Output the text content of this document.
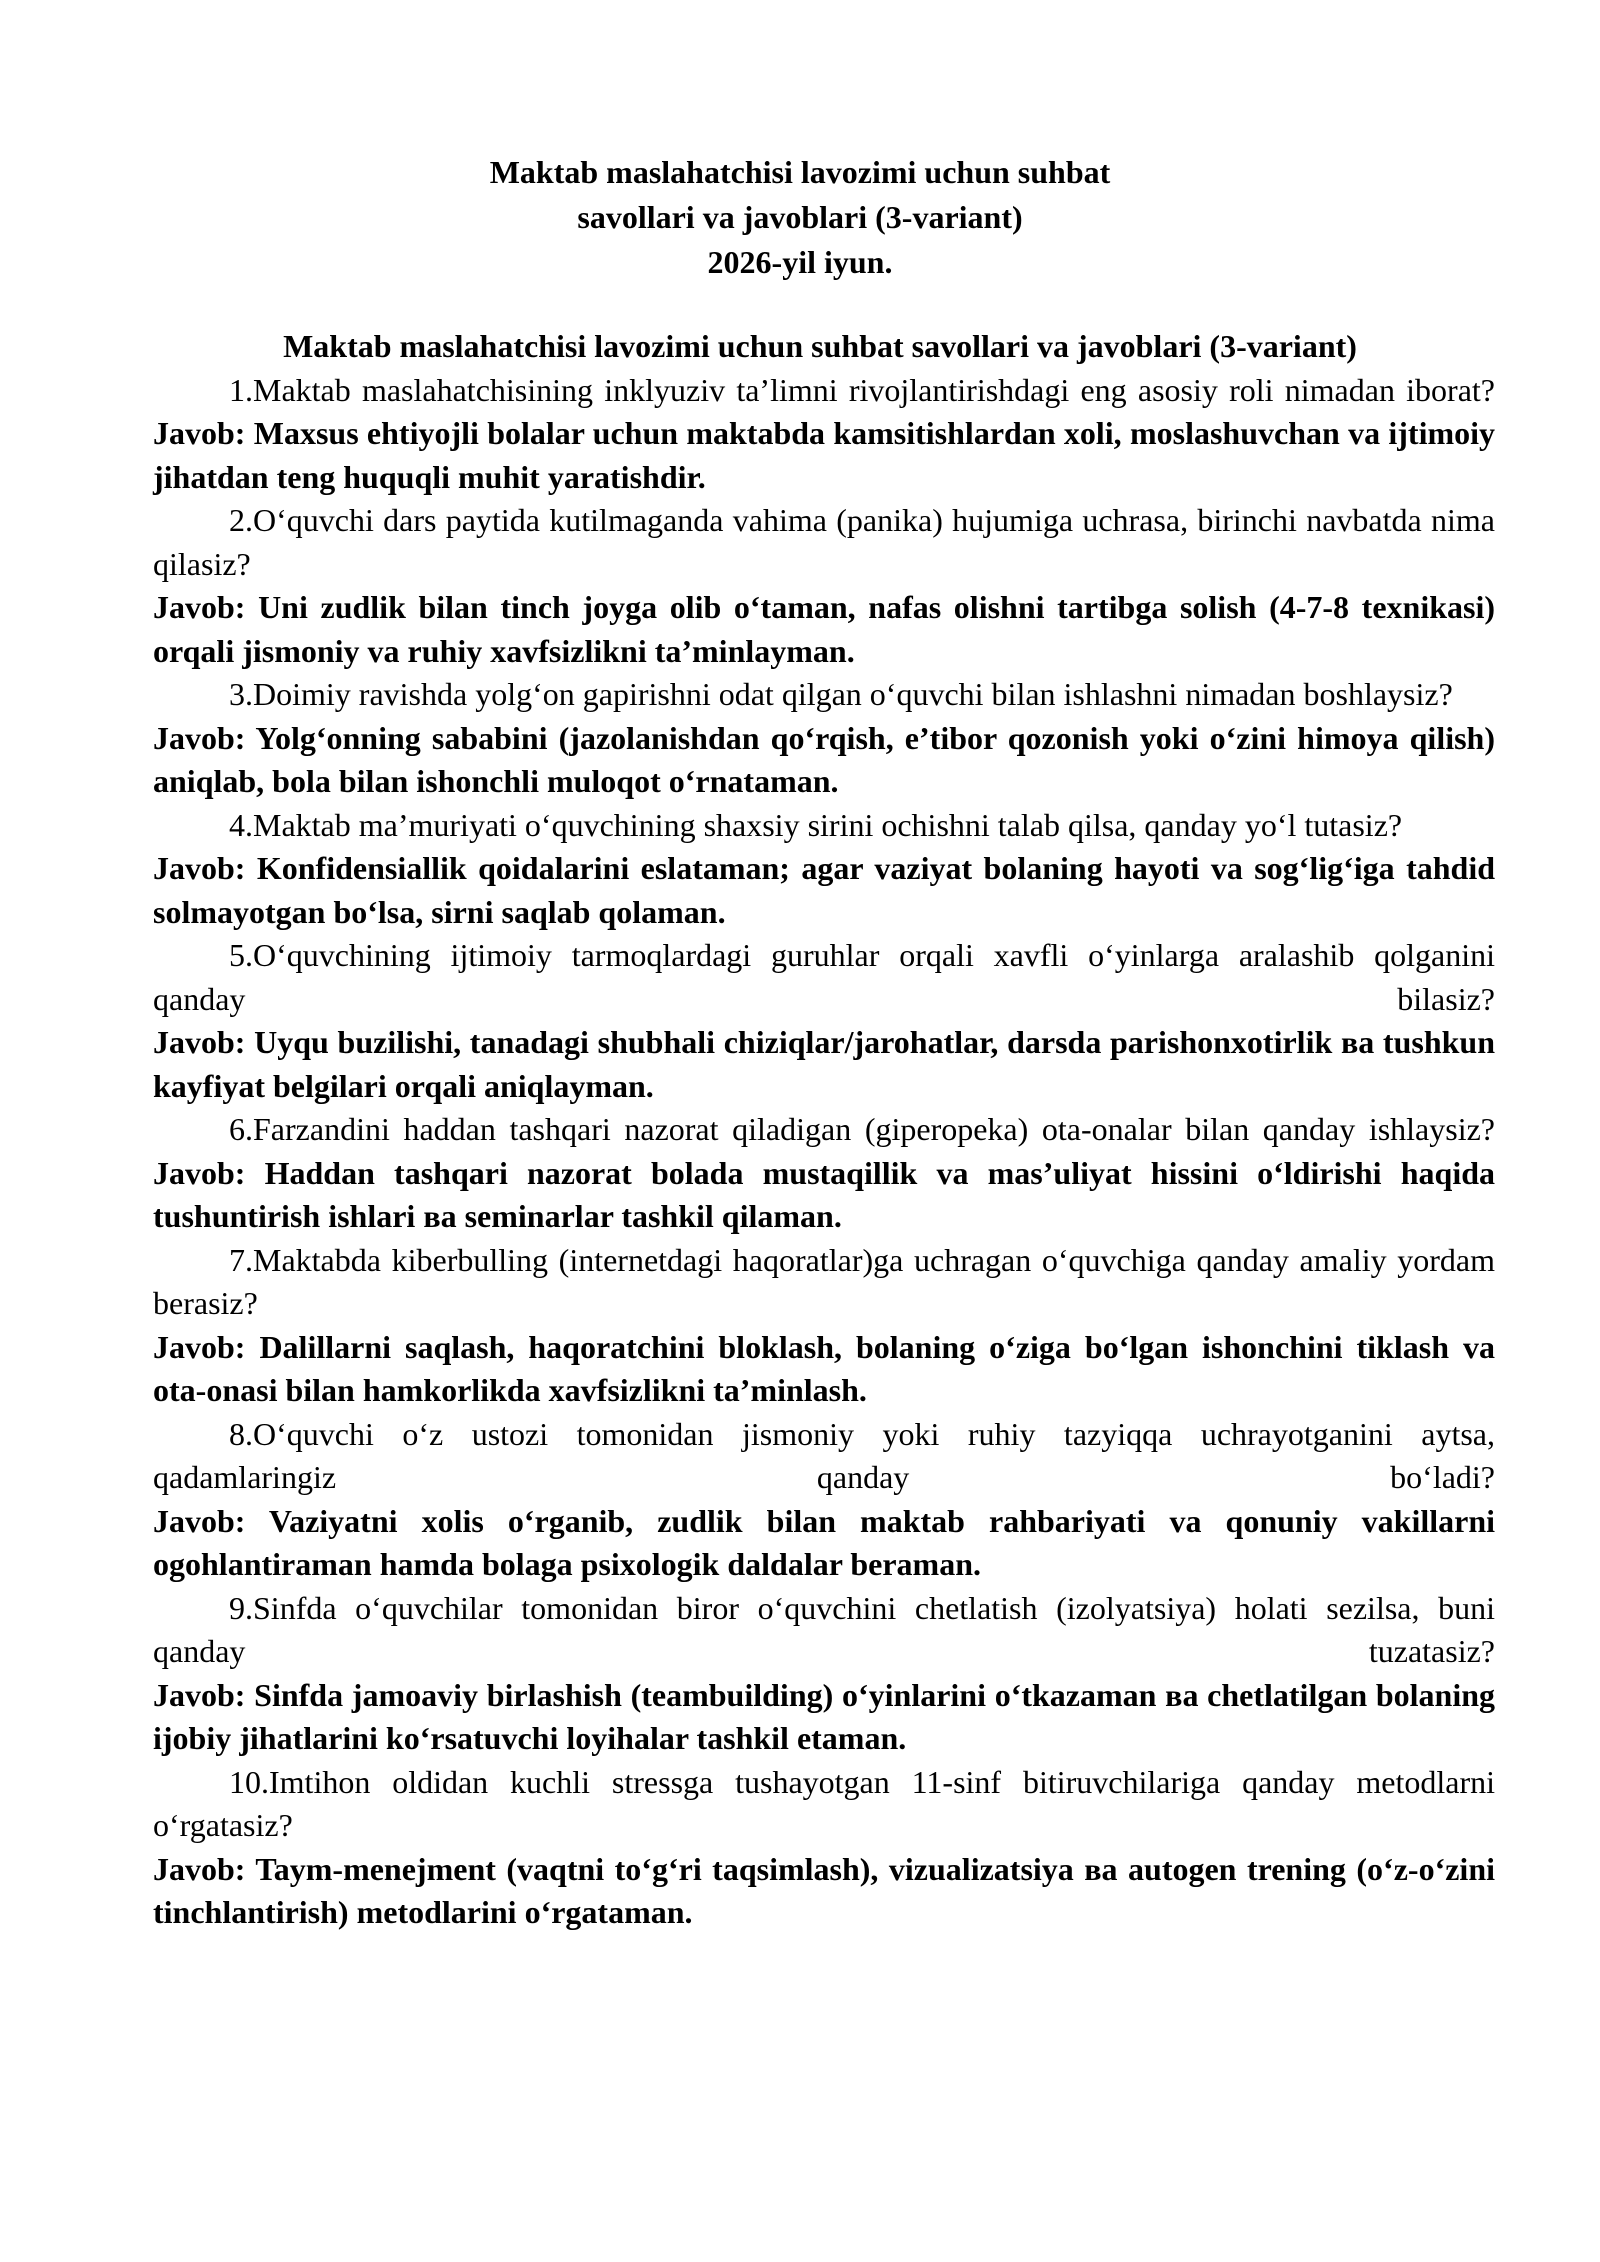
Maktab maslahatchisi lavozimi uchun suhbat
savollari va javoblari (3-variant)
2026-yil iyun.
Maktab maslahatchisi lavozimi uchun suhbat savollari va javoblari (3-variant)

1.Maktab maslahatchisining inklyuziv ta’limni rivojlantirishdagi eng asosiy roli nimadan iborat?

Javob: Maxsus ehtiyojli bolalar uchun maktabda kamsitishlardan xoli, moslashuvchan va ijtimoiy jihatdan teng huquqli muhit yaratishdir.

2.O‘quvchi dars paytida kutilmaganda vahima (panika) hujumiga uchrasa, birinchi navbatda nima qilasiz?

Javob: Uni zudlik bilan tinch joyga olib o‘taman, nafas olishni tartibga solish (4-7-8 texnikasi) orqali jismoniy va ruhiy xavfsizlikni ta’minlayman.

3.Doimiy ravishda yolg‘on gapirishni odat qilgan o‘quvchi bilan ishlashni nimadan boshlaysiz?

Javob: Yolg‘onning sababini (jazolanishdan qo‘rqish, e’tibor qozonish yoki o‘zini himoya qilish) aniqlab, bola bilan ishonchli muloqot o‘rnataman.

4.Maktab ma’muriyati o‘quvchining shaxsiy sirini ochishni talab qilsa, qanday yo‘l tutasiz?

Javob: Konfidensiallik qoidalarini eslataman; agar vaziyat bolaning hayoti va sog‘lig‘iga tahdid solmayotgan bo‘lsa, sirni saqlab qolaman.

5.O‘quvchining ijtimoiy tarmoqlardagi guruhlar orqali xavfli o‘yinlarga aralashib qolganini qanday bilasiz?

Javob: Uyqu buzilishi, tanadagi shubhali chiziqlar/jarohatlar, darsda parishonxotirlik ва tushkun kayfiyat belgilari orqali aniqlayman.

6.Farzandini haddan tashqari nazorat qiladigan (giperopeka) ota-onalar bilan qanday ishlaysiz?

Javob: Haddan tashqari nazorat bolada mustaqillik va mas’uliyat hissini o‘ldirishi haqida tushuntirish ishlari ва seminarlar tashkil qilaman.

7.Maktabda kiberbulling (internetdagi haqoratlar)ga uchragan o‘quvchiga qanday amaliy yordam berasiz?

Javob: Dalillarni saqlash, haqoratchini bloklash, bolaning o‘ziga bo‘lgan ishonchini tiklash va ota-onasi bilan hamkorlikda xavfsizlikni ta’minlash.

8.O‘quvchi o‘z ustozi tomonidan jismoniy yoki ruhiy tazyiqqa uchrayotganini aytsa, qadamlaringiz qanday bo‘ladi?

Javob: Vaziyatni xolis o‘rganib, zudlik bilan maktab rahbariyati va qonuniy vakillarni ogohlantiraman hamda bolaga psixologik daldalar beraman.

9.Sinfda o‘quvchilar tomonidan biror o‘quvchini chetlatish (izolyatsiya) holati sezilsa, buni qanday tuzatasiz?

Javob: Sinfda jamoaviy birlashish (teambuilding) o‘yinlarini o‘tkazaman ва chetlatilgan bolaning ijobiy jihatlarini ko‘rsatuvchi loyihalar tashkil etaman.

10.Imtihon oldidan kuchli stressga tushayotgan 11-sinf bitiruvchilariga qanday metodlarni o‘rgatasiz?

Javob: Taym-menejment (vaqtni to‘g‘ri taqsimlash), vizualizatsiya ва autogen trening (o‘z-o‘zini tinchlantirish) metodlarini o‘rgataman.
